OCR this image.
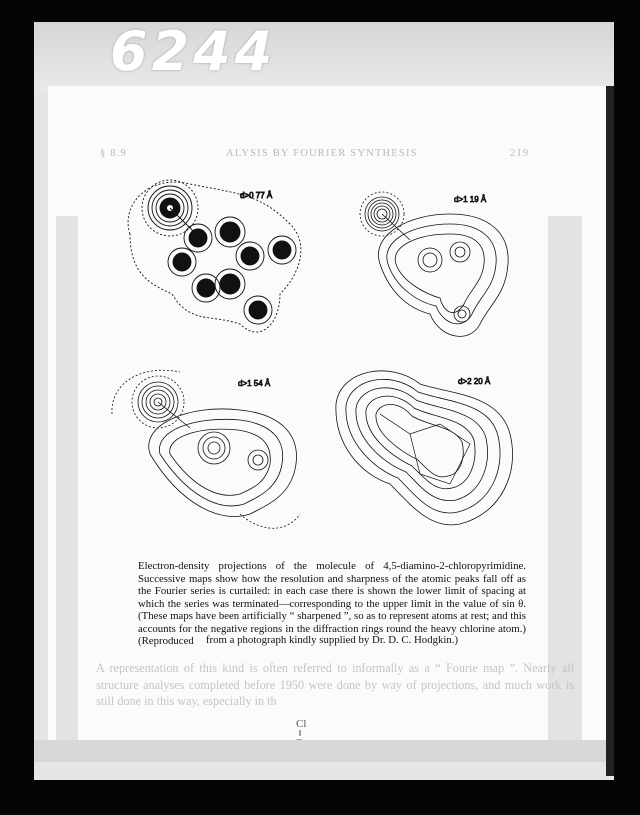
6244
§ 8.9	ALYSIS BY FOURIER SYNTHESIS	219
d>0 77 Å	d>1 19 Å
d>1 54 Å	d>2 20 Å
Electron-density projections of the molecule of 4,5-diamino-2-chloropyrimidine. Successive maps show how the resolution and sharpness of the atomic peaks fall off as the Fourier series is curtailed: in each case there is shown the lower limit of spacing at which the series was terminated—corresponding to the upper limit in the value of sin θ. (These maps have been artificially “ sharpened ”, so as to represent atoms at rest; and this accounts for the negative regions in the diffraction rings round the heavy chlorine atom.) (Reproduced	from a photograph kindly supplied by Dr. D. C. Hodgkin.)
A representation of this kind is often referred to informally as a “ Fourie map ”. Nearly all structure analyses completed before 1950 were done by way of projections, and much work is still done in this way, especially in th
Cl
